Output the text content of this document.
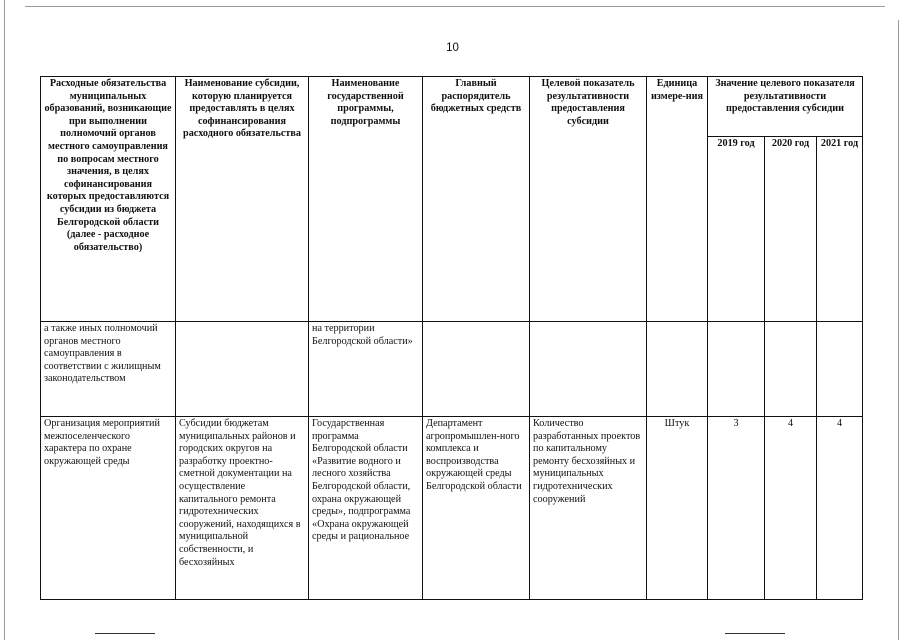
10
Расходные обязательства муниципальных образований, возникающие при выполнении полномочий органов местного самоуправления по вопросам местного значения, в целях софинансирования которых предоставляются субсидии из бюджета Белгородской области (далее - расходное обязательство)	Наименование субсидии, которую планируется предоставлять в целях софинансирования расходного обязательства	Наименование государственной программы, подпрограммы	Главный распорядитель бюджетных средств	Целевой показатель результативности предоставления субсидии	Единица измере-ния	Значение целевого показателя результативности предоставления субсидии		
						2019 год	2020 год	2021 год
а также иных полномочий органов местного самоуправления в соответствии с жилищным законодательством		на территории Белгородской области»						
Организация мероприятий межпоселенческого характера по охране окружающей среды	Субсидии бюджетам муниципальных районов и городских округов на разработку проектно-сметной документации на осуществление капитального ремонта гидротехнических сооружений, находящихся в муниципальной собственности, и бесхозяйных	Государственная программа Белгородской области «Развитие водного и лесного хозяйства Белгородской области, охрана окружающей среды», подпрограмма «Охрана окружающей среды и рациональное	Департамент агропромышлен-ного комплекса и воспроизводства окружающей среды Белгородской области	Количество разработанных проектов по капитальному ремонту бесхозяйных и муниципальных гидротехнических сооружений	Штук	3	4	4
